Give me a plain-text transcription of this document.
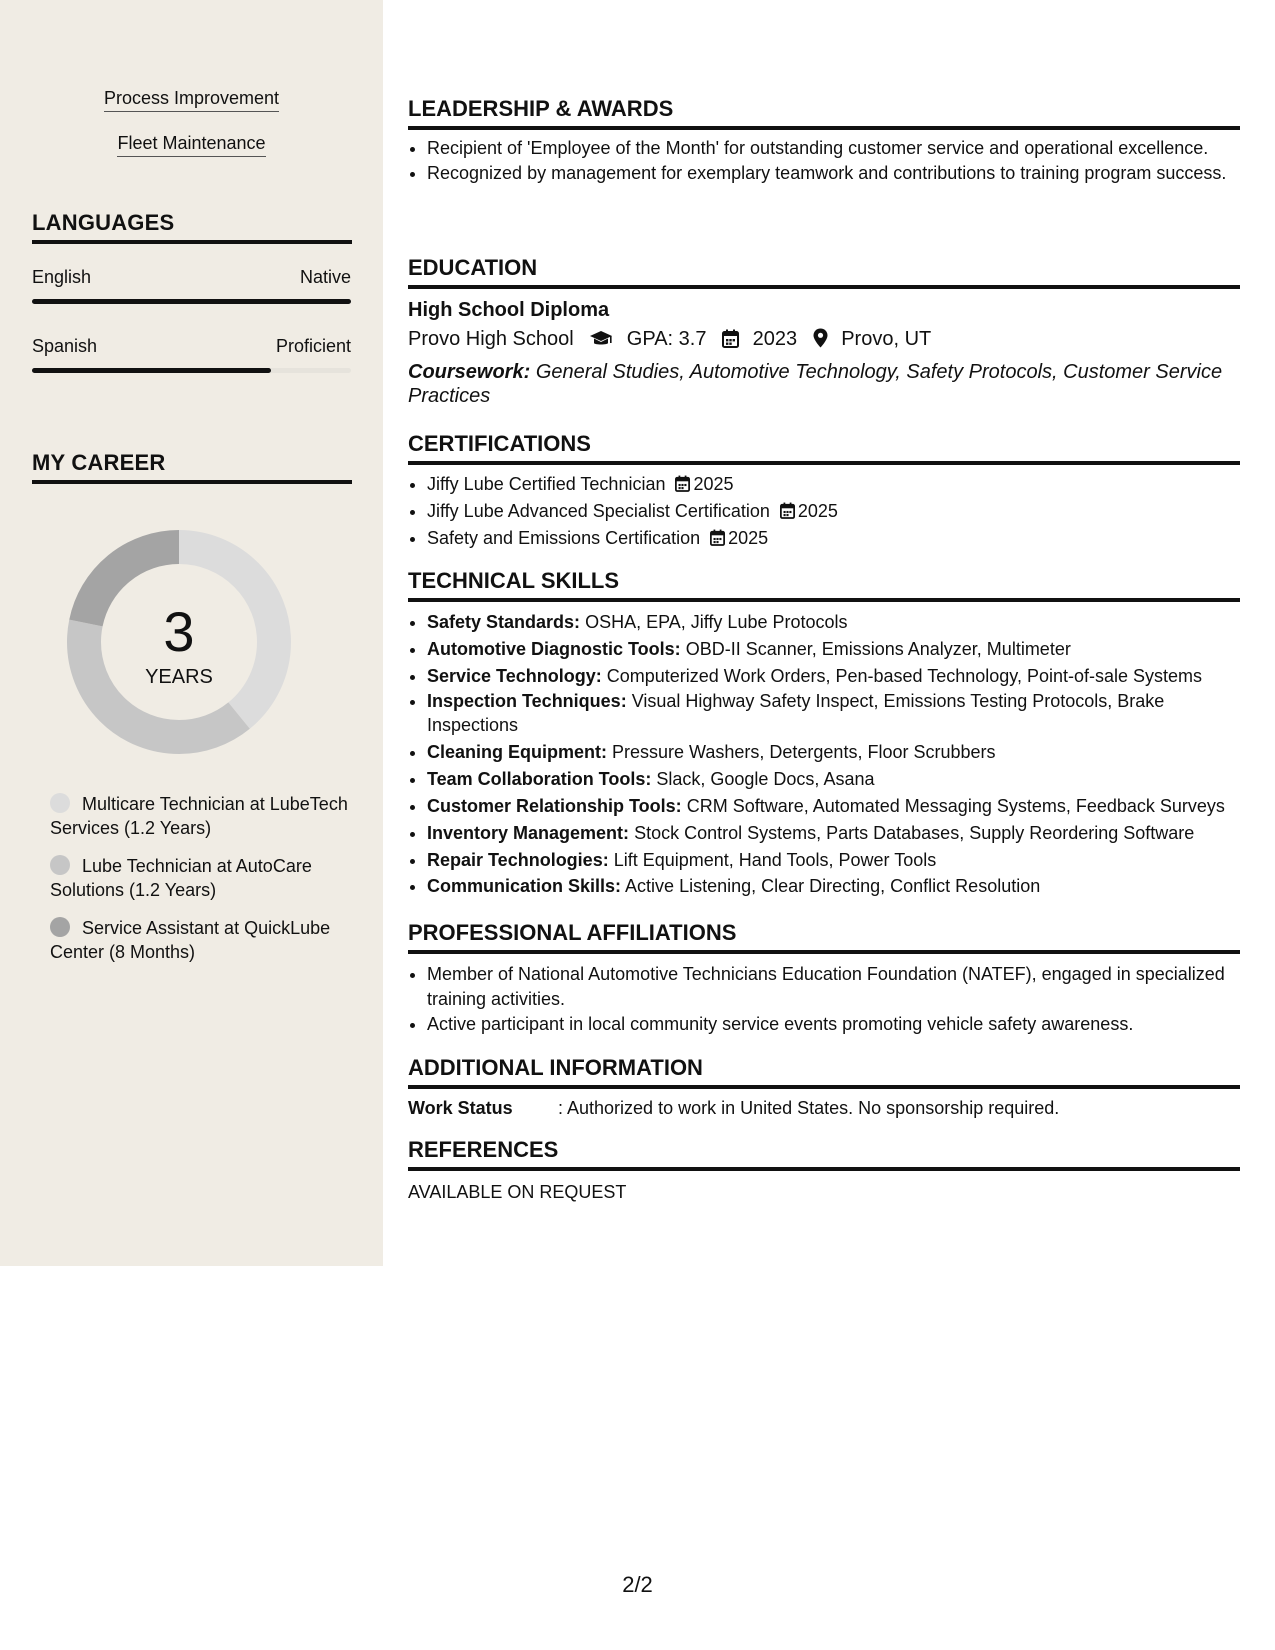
Process Improvement
Fleet Maintenance
LANGUAGES
English	Native
Spanish	Proficient
MY CAREER
3
YEARS
Multicare Technician at LubeTech Services (1.2 Years)
Lube Technician at AutoCare Solutions (1.2 Years)
Service Assistant at QuickLube Center (8 Months)
LEADERSHIP & AWARDS
• Recipient of 'Employee of the Month' for outstanding customer service and operational excellence.
• Recognized by management for exemplary teamwork and contributions to training program success.
EDUCATION
High School Diploma
Provo High School	GPA: 3.7 2023 Provo, UT
Coursework: General Studies, Automotive Technology, Safety Protocols, Customer Service Practices
CERTIFICATIONS
• Jiffy Lube Certified Technician 2025
• Jiffy Lube Advanced Specialist Certification 2025
• Safety and Emissions Certification 2025
TECHNICAL SKILLS
• Safety Standards: OSHA, EPA, Jiffy Lube Protocols
• Automotive Diagnostic Tools: OBD-II Scanner, Emissions Analyzer, Multimeter
• Service Technology: Computerized Work Orders, Pen-based Technology, Point-of-sale Systems
• Inspection Techniques: Visual Highway Safety Inspect, Emissions Testing Protocols, Brake Inspections
• Cleaning Equipment: Pressure Washers, Detergents, Floor Scrubbers
• Team Collaboration Tools: Slack, Google Docs, Asana
• Customer Relationship Tools: CRM Software, Automated Messaging Systems, Feedback Surveys
• Inventory Management: Stock Control Systems, Parts Databases, Supply Reordering Software
• Repair Technologies: Lift Equipment, Hand Tools, Power Tools
• Communication Skills: Active Listening, Clear Directing, Conflict Resolution
PROFESSIONAL AFFILIATIONS
• Member of National Automotive Technicians Education Foundation (NATEF), engaged in specialized training activities.
• Active participant in local community service events promoting vehicle safety awareness.
ADDITIONAL INFORMATION
Work Status	: Authorized to work in United States. No sponsorship required.
REFERENCES
AVAILABLE ON REQUEST
2/2
